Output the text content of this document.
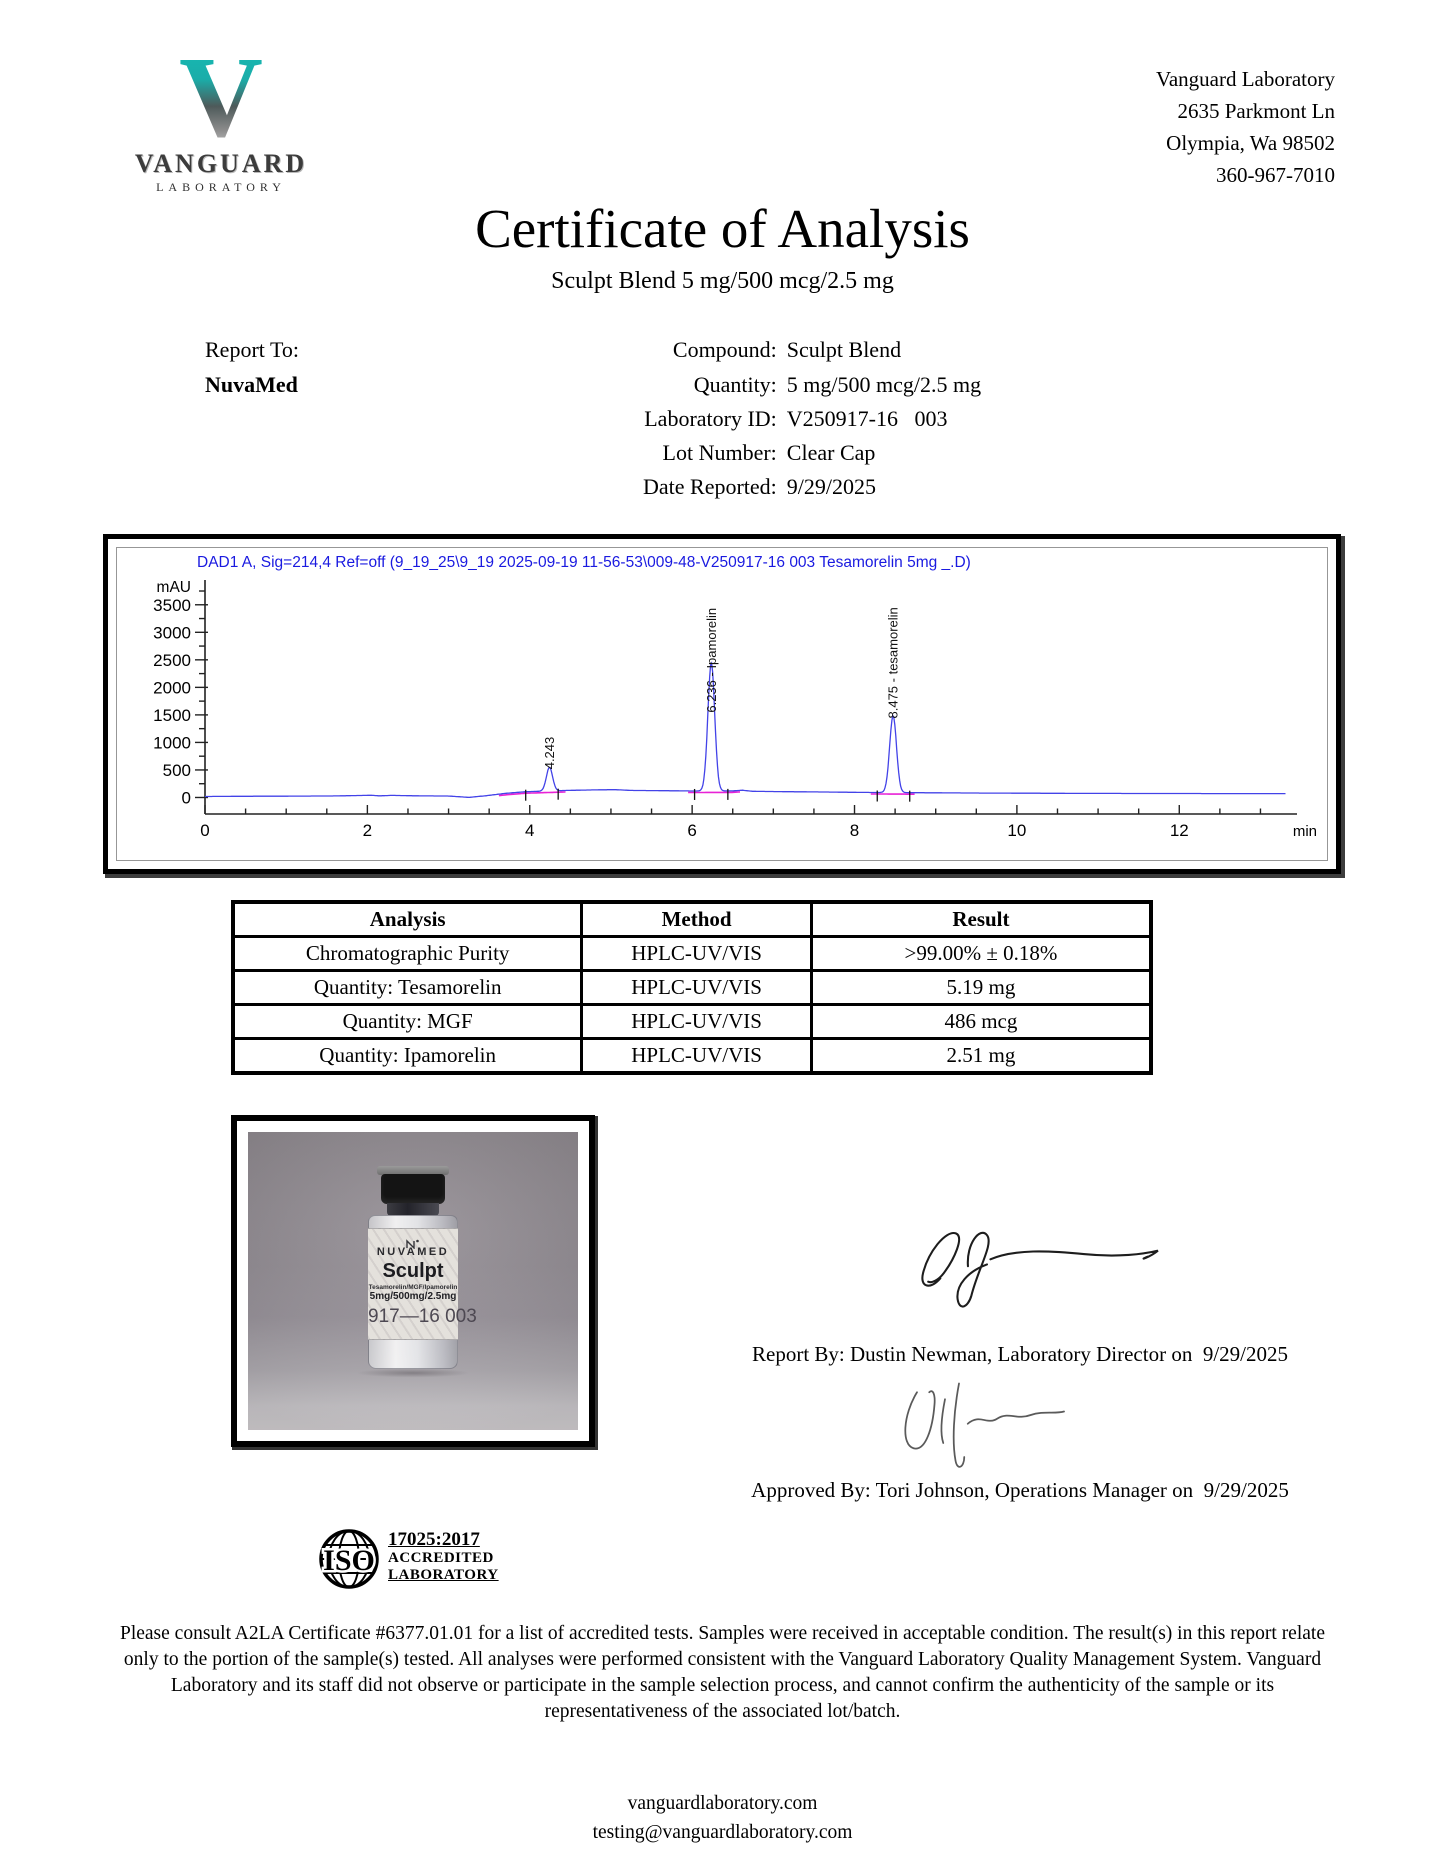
V
VANGUARD
LABORATORY
Vanguard Laboratory
2635 Parkmont Ln
Olympia, Wa 98502
360-967-7010
Certificate of Analysis
Sculpt Blend 5 mg/500 mcg/2.5 mg
Report To:
NuvaMed
Compound: Sculpt Blend
Quantity: 5 mg/500 mcg/2.5 mg
Laboratory ID: V250917-16   003
Lot Number: Clear Cap
Date Reported: 9/29/2025
DAD1 A, Sig=214,4 Ref=off (9_19_25\9_19 2025-09-19 11-56-53\009-48-V250917-16 003 Tesamorelin 5mg _.D)
0	2	4	6	8	10	12	min
0
500
1000
1500
2000
2500
3000
3500
mAU
4.243
6.236 - Ipamorelin	8.475 - tesamorelin
Analysis	Method	Result
Chromatographic Purity	HPLC-UV/VIS	>99.00% ± 0.18%
Quantity: Tesamorelin	HPLC-UV/VIS	5.19 mg
Quantity: MGF	HPLC-UV/VIS	486 mcg
Quantity: Ipamorelin	HPLC-UV/VIS	2.51 mg
NUVAMED
Sculpt
Tesamorelin/MGF/Ipamorelin
5mg/500mg/2.5mg
917—16 003
Report By: Dustin Newman, Laboratory Director on  9/29/2025
Approved By: Tori Johnson, Operations Manager on  9/29/2025
ISO
17025:2017
ACCREDITED
LABORATORY
Please consult A2LA Certificate #6377.01.01 for a list of accredited tests. Samples were received in acceptable condition. The result(s) in this report relate only to the portion of the sample(s) tested. All analyses were performed consistent with the Vanguard Laboratory Quality Management System. Vanguard Laboratory and its staff did not observe or participate in the sample selection process, and cannot confirm the authenticity of the sample or its representativeness of the associated lot/batch.
vanguardlaboratory.com
testing@vanguardlaboratory.com
